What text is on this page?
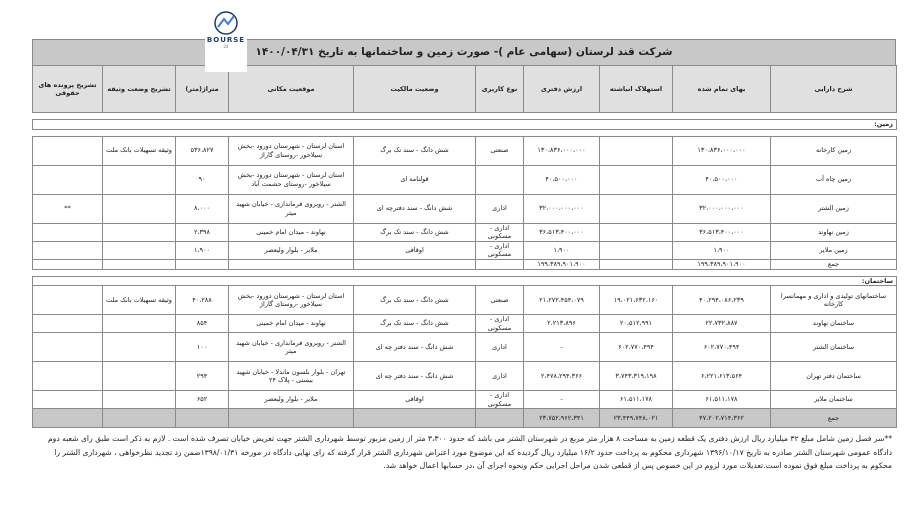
BOURSE
24	شرکت قند لرستان (سهامی عام )- صورت زمین و ساختمانها به تاریخ ۱۴۰۰/۰۴/۳۱
شرح دارایی	بهای تمام شده	استهلاک انباشته	ارزش دفتری	نوع کاربری	وضعیت مالکیت	موقعیت مکانی	متراژ(متر)	تشریح وضعت وثیقه	تشریح پرونده های حقوقی

زمین:									

زمین کارخانه	۱۳۰،۸۳۶،۰۰۰،۰۰۰		۱۳۰،۸۳۶،۰۰۰،۰۰۰	صنعتی	شش دانگ - سند تک برگ	استان لرستان - شهرستان دورود -بخش سیلاخور -روستای گاراژ	۵۳۶،۸۲۷	وثیقه تسهیلات بانک ملت	
زمین چاه آب	۴۰،۵۰۰،۰۰۰		۴۰،۵۰۰،۰۰۰		قولنامه ای	استان لرستان - شهرستان دورود -بخش سیلاخور -روستای حشمت آباد	۹۰		
زمین الشتر	۳۲،۰۰۰،۰۰۰،۰۰۰		۳۲،۰۰۰،۰۰۰،۰۰۰	اداری	شش دانگ - سند دفترچه ای	الشتر - روبروی فرمانداری - خیابان شهید میثر	۸،۰۰۰		**
زمین نهاوند	۳۶،۵۱۳،۴۰۰،۰۰۰		۳۶،۵۱۳،۴۰۰،۰۰۰	اداری - مسکونی	شش دانگ - سند تک برگ	نهاوند - میدان امام خمینی	۲،۳۹۸		
زمین ملایر	۱،۹۰۰		۱،۹۰۰	اداری - مسکونی	اوقافی	ملایر - بلوار ولیعصر	۱،۹۰۰		
جمع	۱۹۹،۳۸۹،۹۰۱،۹۰۰		۱۹۹،۳۸۹،۹۰۱،۹۰۰						

ساختمان:									
ساختمانهای تولیدی و اداری و مهمانسرا کارخانه	۴۰،۲۹۴،۰۸۶،۲۳۹	۱۹،۰۲۱،۶۳۲،۱۶۰	۲۱،۲۷۲،۴۵۴،۰۷۹	صنعتی	شش دانگ - سند تک برگ	استان لرستان - شهرستان دورود -بخش سیلاخور -روستای گاراژ	۴۰،۲۸۸	وثیقه تسهیلات بانک ملت	
ساختمان نهاوند	۲۲،۷۳۲،۸۸۷	۲۰،۵۱۲،۹۹۱	۲،۲۱۳،۸۹۶	اداری - مسکونی	شش دانگ - سند تک برگ	نهاوند - میدان امام خمینی	۸۵۴		
ساختمان الشتر	۶۰۲،۷۷۰،۴۹۴	۶۰۲،۷۷۰،۴۹۴	-	اداری	شش دانگ - سند دفتر چه ای	الشتر - روبروی فرمانداری - خیابان شهید میثر	۱۰۰		
ساختمان دفتر تهران	۶،۲۲۱،۶۱۳،۵۶۴	۳،۷۴۳،۳۱۹،۱۹۸	۲،۴۷۸،۲۹۴،۳۶۶	اداری	شش دانگ - سند دفتر چه ای	تهران - بلوار نلسون ماندلا - خیابان شهید بیستی - پلاک ۲۴	۲۹۴		
ساختمان ملایر	۶۱،۵۱۱،۱۷۸	۶۱،۵۱۱،۱۷۸	-	اداری - مسکونی	اوقافی	ملایر - بلوار ولیعصر	۶۵۲		
جمع	۴۷،۲۰۲،۷۱۴،۳۶۲	۲۳،۴۴۹،۷۴۸،۰۲۱	۲۳،۷۵۲،۹۶۲،۳۴۱						
**سر فصل زمین شامل مبلغ ۳۲ میلیارد ریال ارزش دفتری یک قطعه زمین به مساحت ۸ هزار متر مربع در شهرستان الشتر می باشد که حدود ۳،۳۰۰ متر از زمین مزبور توسط شهرداری الشتر جهت تعریض خیابان تصرف شده است . لازم به ذکر است طبق رای شعبه دوم دادگاه عمومی شهرستان الشتر صادره به تاریخ ۱۳۹۶/۱۰/۱۷ شهرداری محکوم به پرداخت حدود ۱۶/۲ میلیارد ریال گردیده که این موضوع مورد اعتراض شهرداری الشتر قرار گرفته که رای نهایی دادگاه در مورخه ۱۳۹۸/۰۱/۳۱ضمن رد تجدید نظرخواهی ، شهرداری الشتر را محکوم به پرداخت مبلغ فوق نموده است.تعدیلات مورد لزوم در این خصوص پس از قطعی شدن مراحل اجرایی حکم ونحوه اجرای آن ،در حسابها اعمال خواهد شد.
